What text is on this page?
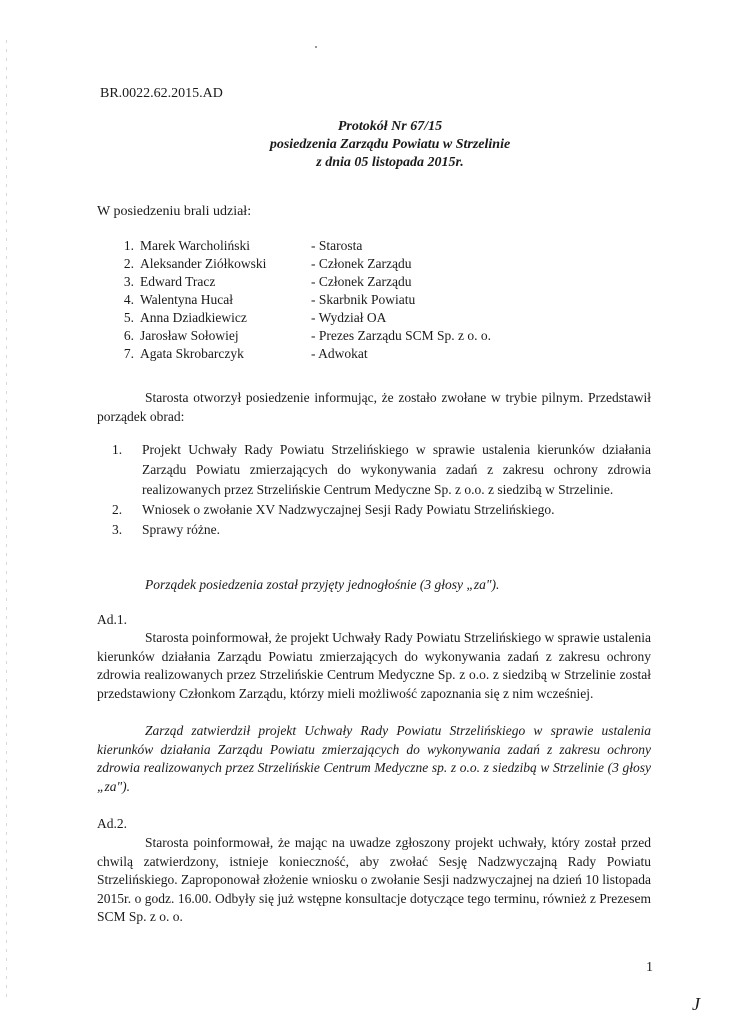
BR.0022.62.2015.AD
Protokół Nr 67/15
posiedzenia Zarządu Powiatu w Strzelinie
z dnia 05 listopada 2015r.
W posiedzeniu brali udział:
1. Marek Warcholiński	- Starosta
2. Aleksander Ziółkowski	- Członek Zarządu
3. Edward Tracz	- Członek Zarządu
4. Walentyna Hucał	- Skarbnik Powiatu
5. Anna Dziadkiewicz	- Wydział OA
6. Jarosław Sołowiej	- Prezes Zarządu SCM Sp. z o. o.
7. Agata Skrobarczyk	- Adwokat
Starosta otworzył posiedzenie informując, że zostało zwołane w trybie pilnym. Przedstawił porządek obrad:
1. Projekt Uchwały Rady Powiatu Strzelińskiego w sprawie ustalenia kierunków działania Zarządu Powiatu zmierzających do wykonywania zadań z zakresu ochrony zdrowia realizowanych przez Strzelińskie Centrum Medyczne Sp. z o.o. z siedzibą w Strzelinie.
2. Wniosek o zwołanie XV Nadzwyczajnej Sesji Rady Powiatu Strzelińskiego.
3. Sprawy różne.
Porządek posiedzenia został przyjęty jednogłośnie (3 głosy „za").
Ad.1.
Starosta poinformował, że projekt Uchwały Rady Powiatu Strzelińskiego w sprawie ustalenia kierunków działania Zarządu Powiatu zmierzających do wykonywania zadań z zakresu ochrony zdrowia realizowanych przez Strzelińskie Centrum Medyczne Sp. z o.o. z siedzibą w Strzelinie został przedstawiony Członkom Zarządu, którzy mieli możliwość zapoznania się z nim wcześniej.
Zarząd zatwierdził projekt Uchwały Rady Powiatu Strzelińskiego w sprawie ustalenia kierunków działania Zarządu Powiatu zmierzających do wykonywania zadań z zakresu ochrony zdrowia realizowanych przez Strzelińskie Centrum Medyczne sp. z o.o. z siedzibą w Strzelinie (3 głosy „za").
Ad.2.
Starosta poinformował, że mając na uwadze zgłoszony projekt uchwały, który został przed chwilą zatwierdzony, istnieje konieczność, aby zwołać Sesję Nadzwyczajną Rady Powiatu Strzelińskiego. Zaproponował złożenie wniosku o zwołanie Sesji nadzwyczajnej na dzień 10 listopada 2015r. o godz. 16.00. Odbyły się już wstępne konsultacje dotyczące tego terminu, również z Prezesem SCM Sp. z o. o.
1
J
